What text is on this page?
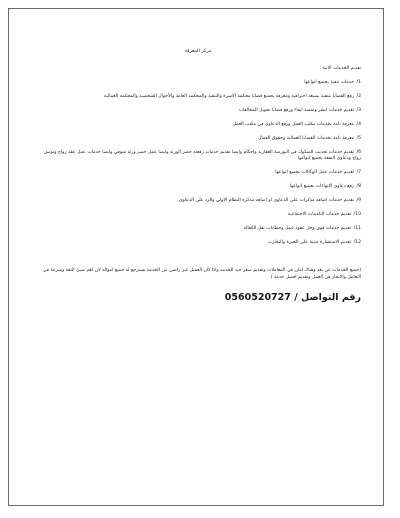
مركز المعرفة
تقديم الخدمات الاتية :
1/ خدمات تنفيذ بجميع انواعها
2/ رفع القضايا بتنفيذ بصيغة احترافية ومعرفة بجميع قضايا محكمة الاسرة والتنفيذ والمحكمة العامة والأحوال الشخصية والمحكمة العمالية
3/ تقديم خدمات ابشر ومنصة ايفاء ورفع قضايا تحويل المخالفات
4/ معرفة تامة بخدمات مكتب العمل ورفع الدعاوي في مكتب العمل
5/ معرفة تامة بخدمات القضايا العمالية وحقوق العمال
6/ تقديم خدمات تحديث الصكوك في البورصة العقارية واحكام وايضا تقديم خدمات رفعنه حصر الورثه وايضا عمل حصر ورثة متوفي وايضا خدمات عمل عقد زواج وتوثيق زواج ودعاوي النفقة بجميع انواعها
7/ تقديم خدمات عمل الوكالات بجميع انواعها
8/ رفع دعاوي الانهاءات بجميع انواعها
9/ تقديم خدمات اضافه مذكرات على الدعاوي او اضافه مذكرة النظام الاولي والرد على الدعاوي
10/ تقديم خدمات التامينات الاجتماعية
11/ تقديم خدمات قوى وحل عقود عمل وخطابات نقل الكفالة
12/ تقديم الاستشارة مبنية على الخبرة والتجارب
(جميع الخدمات عن بعد وهناك امان في المعاملات وتقديم سعر جيد للخدمه واذا كان العميل غير راضي عن الخدمة يسترجع له جميع امواله لان اهم شيئ الثقة وسرعة في التعامل والانجاز في العمل وتقديم افضل خدمة )
رقم التواصل / 0560520727
